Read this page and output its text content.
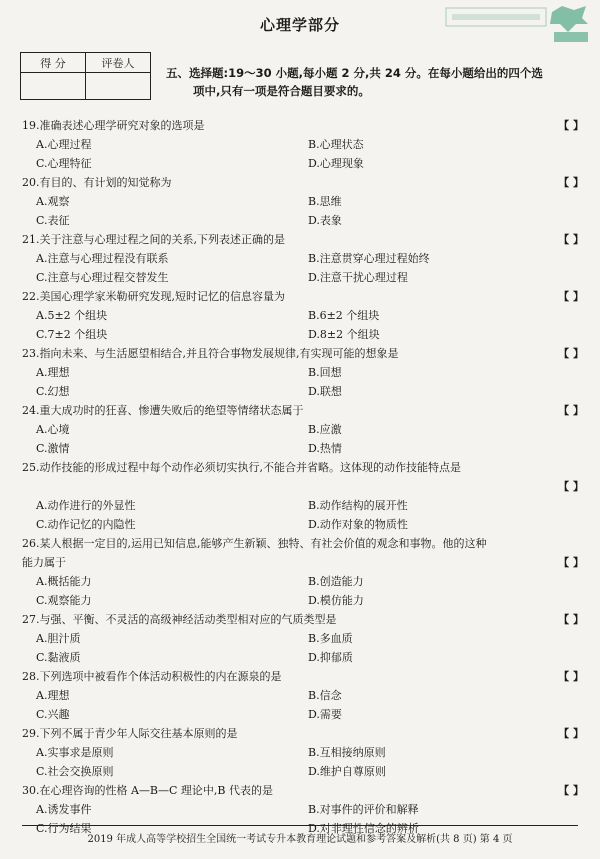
心理学部分
得 分	评卷人

五、选择题:19～30 小题,每小题 2 分,共 24 分。在每小题给出的四个选
项中,只有一项是符合题目要求的。
19.准确表述心理学研究对象的选项是	【 】
A.心理过程	B.心理状态
C.心理特征	D.心理现象
20.有目的、有计划的知觉称为	【 】
A.观察	B.思维
C.表征	D.表象
21.关于注意与心理过程之间的关系,下列表述正确的是	【 】
A.注意与心理过程没有联系	B.注意贯穿心理过程始终
C.注意与心理过程交替发生	D.注意干扰心理过程
22.美国心理学家米勒研究发现,短时记忆的信息容量为	【 】
A.5±2 个组块	B.6±2 个组块
C.7±2 个组块	D.8±2 个组块
23.指向未来、与生活愿望相结合,并且符合事物发展规律,有实现可能的想象是	【 】
A.理想	B.回想
C.幻想	D.联想
24.重大成功时的狂喜、惨遭失败后的绝望等情绪状态属于	【 】
A.心境	B.应激
C.激情	D.热情
25.动作技能的形成过程中每个动作必须切实执行,不能合并省略。这体现的动作技能特点是
【 】
A.动作进行的外显性	B.动作结构的展开性
C.动作记忆的内隐性	D.动作对象的物质性
26.某人根据一定目的,运用已知信息,能够产生新颖、独特、有社会价值的观念和事物。他的这种
能力属于	【 】
A.概括能力	B.创造能力
C.观察能力	D.模仿能力
27.与强、平衡、不灵活的高级神经活动类型相对应的气质类型是	【 】
A.胆汁质	B.多血质
C.黏液质	D.抑郁质
28.下列选项中被看作个体活动积极性的内在源泉的是	【 】
A.理想	B.信念
C.兴趣	D.需要
29.下列不属于青少年人际交往基本原则的是	【 】
A.实事求是原则	B.互相接纳原则
C.社会交换原则	D.维护自尊原则
30.在心理咨询的性格 A—B—C 理论中,B 代表的是	【 】
A.诱发事件	B.对事件的评价和解释
C.行为结果	D.对非理性信念的辨析
2019 年成人高等学校招生全国统一考试专升本教育理论试题和参考答案及解析(共 8 页) 第 4 页
